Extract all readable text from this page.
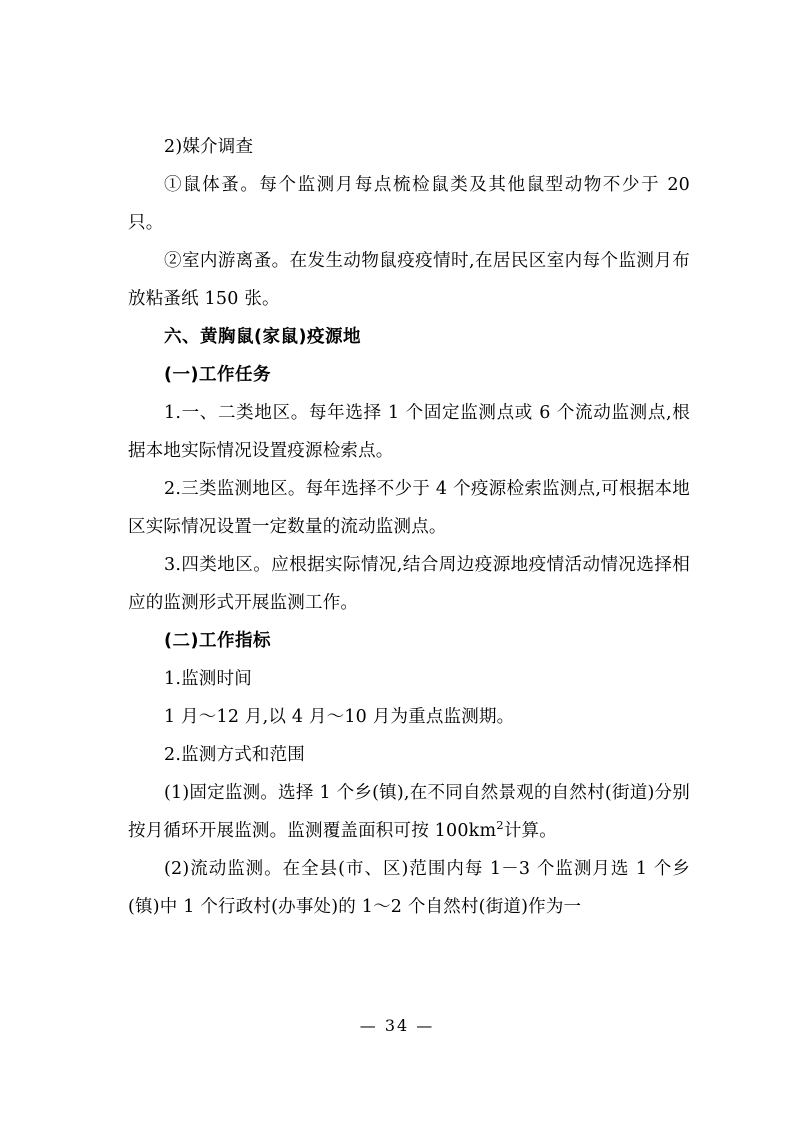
2)媒介调查

①鼠体蚤。每个监测月每点梳检鼠类及其他鼠型动物不少于 20 只。

②室内游离蚤。在发生动物鼠疫疫情时,在居民区室内每个监测月布放粘蚤纸 150 张。

六、黄胸鼠(家鼠)疫源地

(一)工作任务

1.一、二类地区。每年选择 1 个固定监测点或 6 个流动监测点,根据本地实际情况设置疫源检索点。

2.三类监测地区。每年选择不少于 4 个疫源检索监测点,可根据本地区实际情况设置一定数量的流动监测点。

3.四类地区。应根据实际情况,结合周边疫源地疫情活动情况选择相应的监测形式开展监测工作。

(二)工作指标

1.监测时间

1 月～12 月,以 4 月～10 月为重点监测期。

2.监测方式和范围

(1)固定监测。选择 1 个乡(镇),在不同自然景观的自然村(街道)分别按月循环开展监测。监测覆盖面积可按 $100km^2$计算。

(2)流动监测。在全县(市、区)范围内每 1－3 个监测月选 1 个乡(镇)中 1 个行政村(办事处)的 1～2 个自然村(街道)作为一

— 34 —
